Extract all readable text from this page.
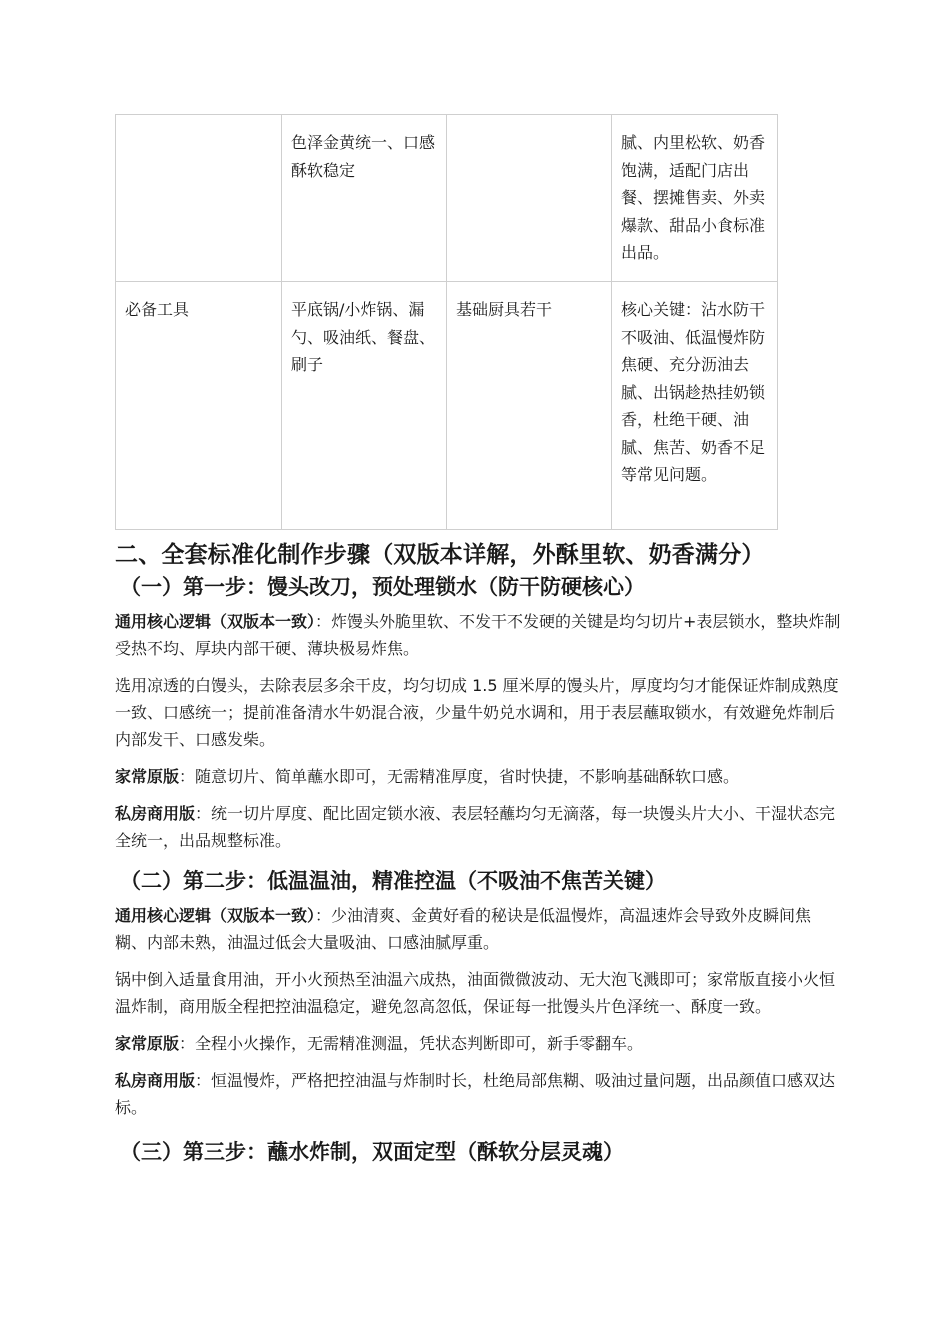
	色泽金黄统一、口感酥软稳定		腻、内里松软、奶香饱满，适配门店出餐、摆摊售卖、外卖爆款、甜品小食标准出品。
必备工具	平底锅/小炸锅、漏勺、吸油纸、餐盘、刷子	基础厨具若干	核心关键：沾水防干不吸油、低温慢炸防焦硬、充分沥油去腻、出锅趁热挂奶锁香，杜绝干硬、油腻、焦苦、奶香不足等常见问题。
二、全套标准化制作步骤（双版本详解，外酥里软、奶香满分）
（一）第一步：馒头改刀，预处理锁水（防干防硬核心）

通用核心逻辑（双版本一致）：炸馒头外脆里软、不发干不发硬的关键是均匀切片+表层锁水，整块炸制受热不均、厚块内部干硬、薄块极易炸焦。

选用凉透的白馒头，去除表层多余干皮，均匀切成 1.5 厘米厚的馒头片，厚度均匀才能保证炸制成熟度一致、口感统一；提前准备清水牛奶混合液，少量牛奶兑水调和，用于表层蘸取锁水，有效避免炸制后内部发干、口感发柴。

家常原版：随意切片、简单蘸水即可，无需精准厚度，省时快捷，不影响基础酥软口感。

私房商用版：统一切片厚度、配比固定锁水液、表层轻蘸均匀无滴落，每一块馒头片大小、干湿状态完全统一，出品规整标准。

（二）第二步：低温温油，精准控温（不吸油不焦苦关键）

通用核心逻辑（双版本一致）：少油清爽、金黄好看的秘诀是低温慢炸，高温速炸会导致外皮瞬间焦糊、内部未熟，油温过低会大量吸油、口感油腻厚重。

锅中倒入适量食用油，开小火预热至油温六成热，油面微微波动、无大泡飞溅即可；家常版直接小火恒温炸制，商用版全程把控油温稳定，避免忽高忽低，保证每一批馒头片色泽统一、酥度一致。

家常原版：全程小火操作，无需精准测温，凭状态判断即可，新手零翻车。

私房商用版：恒温慢炸，严格把控油温与炸制时长，杜绝局部焦糊、吸油过量问题，出品颜值口感双达标。

（三）第三步：蘸水炸制，双面定型（酥软分层灵魂）
